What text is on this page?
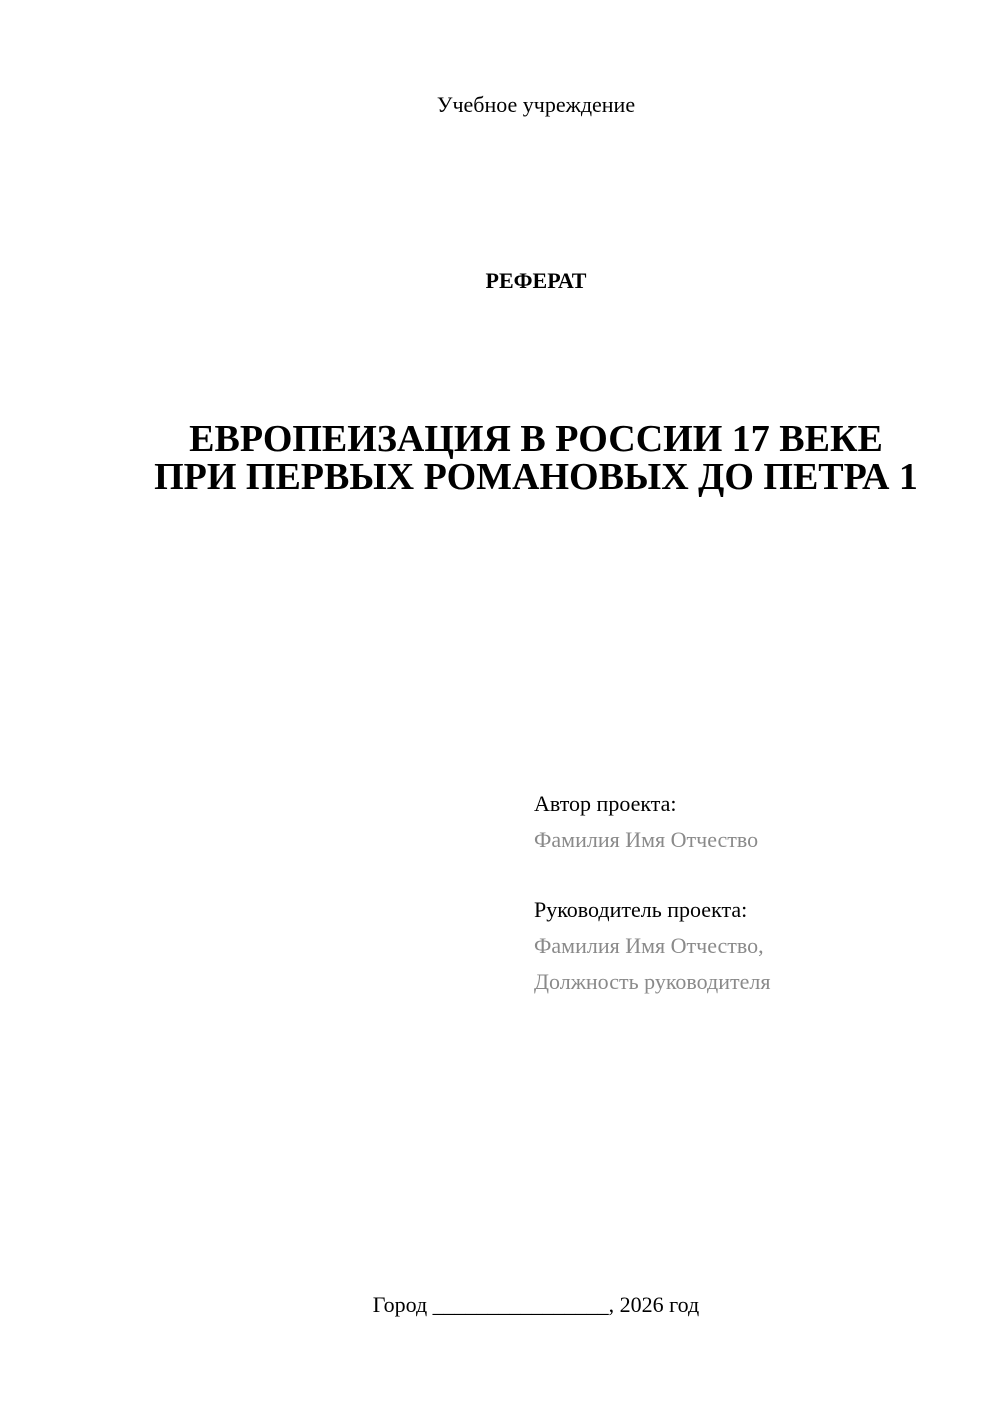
Учебное учреждение
РЕФЕРАТ
ЕВРОПЕИЗАЦИЯ В РОССИИ 17 ВЕКЕ ПРИ ПЕРВЫХ РОМАНОВЫХ ДО ПЕТРА 1
Автор проекта:
Фамилия Имя Отчество
Руководитель проекта:
Фамилия Имя Отчество,
Должность руководителя
Город ________________, 2026 год
